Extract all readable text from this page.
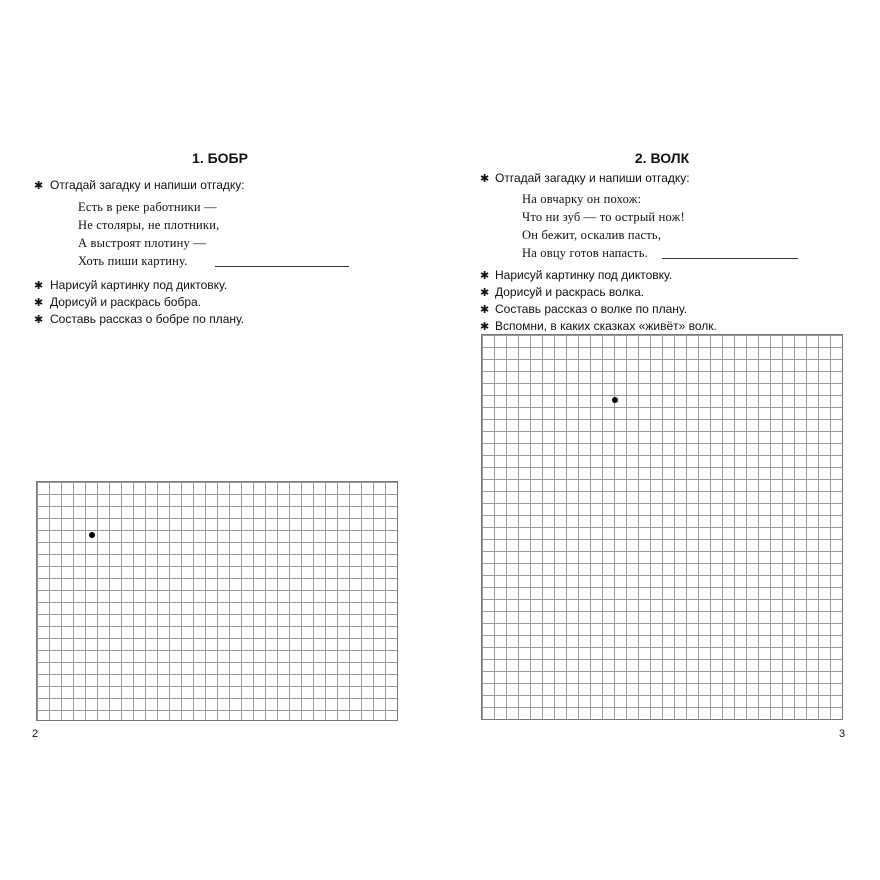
1. БОБР
✱ Отгадай загадку и напиши отгадку:
Есть в реке работники —
Не столяры, не плотники,
А выстроят плотину —
Хоть пиши картину.
✱ Нарисуй картинку под диктовку.
✱ Дорисуй и раскрась бобра.
✱ Составь рассказ о бобре по плану.
2
2. ВОЛК
✱ Отгадай загадку и напиши отгадку:
На овчарку он похож:
Что ни зуб — то острый нож!
Он бежит, оскалив пасть,
На овцу готов напасть.
✱ Нарисуй картинку под диктовку.
✱ Дорисуй и раскрась волка.
✱ Составь рассказ о волке по плану.
✱ Вспомни, в каких сказках «живёт» волк.
3
